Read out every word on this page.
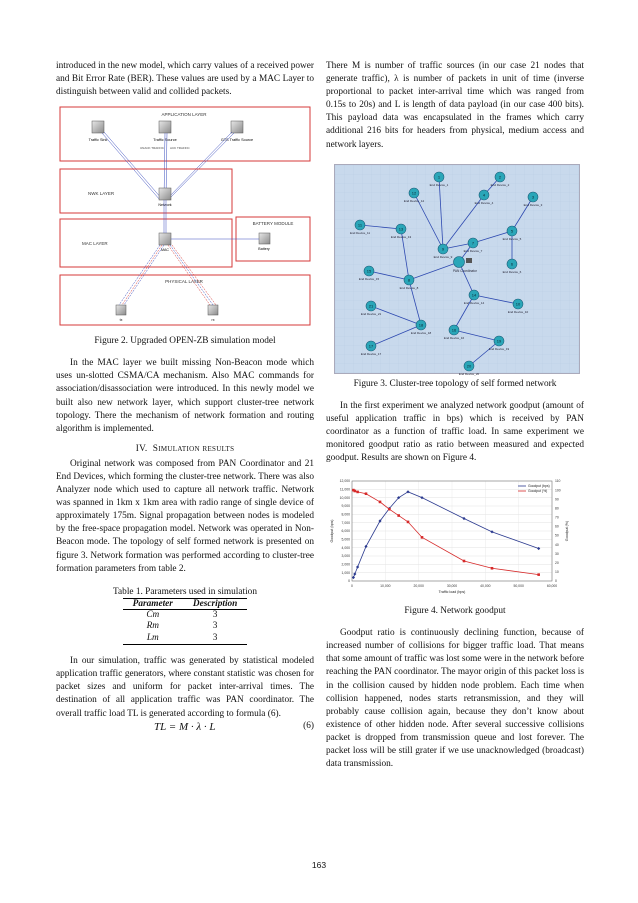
introduced in the new model, which carry values of a received power and Bit Error Rate (BER). These values are used by a MAC Layer to distinguish between valid and collided packets.

APPLICATION LAYER
Traffic Sink	Traffic Source	GTS Traffic Source
UNACK TRAFFIC ACK TRAFFIC
NWK LAYER
Network
BATTERY MODULE
Battery
MAC LAYER
MAC
PHYSICAL LAYER
tx	rx

Figure 2. Upgraded OPEN-ZB simulation model

In the MAC layer we built missing Non-Beacon mode which uses un-slotted CSMA/CA mechanism. Also MAC commands for association/disassociation were introduced. In this newly model we built also new network layer, which support cluster-tree network topology. There the mechanism of network formation and routing algorithm is implemented.

IV. Simulation results

Original network was composed from PAN Coordinator and 21 End Devices, which forming the cluster-tree network. There was also Analyzer node which used to capture all network traffic. Network was spanned in 1km x 1km area with radio range of single device of approximately 175m. Signal propagation between nodes is modeled by the free-space propagation model. Network was operated in Non-Beacon mode. The topology of self formed network is presented on figure 3. Network formation was performed according to cluster-tree formation parameters from table 2.

Table 1. Parameters used in simulation

Parameter	Description
Cm	3
Rm	3
Lm	3

In our simulation, traffic was generated by statistical modeled application traffic generators, where constant statistic was chosen for packet sizes and uniform for packet inter-arrival times. The destination of all application traffic was PAN coordinator. The overall traffic load TL is generated according to formula (6).

TL = M · λ · L	(6)

There M is number of traffic sources (in our case 21 nodes that generate traffic), λ is number of packets in unit of time (inverse proportional to packet inter-arrival time which was ranged from 0.15s to 20s) and L is length of data payload (in our case 400 bits). This payload data was encapsulated in the frames which carry additional 216 bits for headers from physical, medium access and network layers.

PAN Coordinator
1
End Device_1
2
End Device_2
3
End Device_3
4
End Device_4
5
End Device_5
6
End Device_6
7
End Device_7
8
End Device_8
9
End Device_9
10
End Device_10
11
End Device_11
12
End Device_12
13
End Device_13
14
End Device_14
15
End Device_15
16
End Device_16
17
End Device_17
18
End Device_18
19
End Device_19
20
End Device_20
21
End Device_21

Figure 3. Cluster-tree topology of self formed network

In the first experiment we analyzed network goodput (amount of useful application traffic in bps) which is received by PAN coordinator as a function of traffic load. In same experiment we monitored goodput ratio as ratio between measured and expected goodput. Results are shown on Figure 4.

Traffic load (bps)
Goodput (bps)	Goodput (%)
0
1,000
2,000
3,000
4,000
5,000
6,000
7,000
8,000
9,000
10,000
11,000
12,000
0
10
20
30
40
50
60
70
80
90
100
110
0	10,000	20,000	30,000	40,000	50,000	60,000
Goodput (bps)
Goodput (%)

Figure 4. Network goodput

Goodput ratio is continuously declining function, because of increased number of collisions for bigger traffic load. That means that some amount of traffic was lost some were in the network before reaching the PAN coordinator. The mayor origin of this packet loss is in the collision caused by hidden node problem. Each time when collision happened, nodes starts retransmission, and they will probably cause collision again, because they don’t know about existence of other hidden node. After several successive collisions packet is dropped from transmission queue and lost forever. The packet loss will be still grater if we use unacknowledged (broadcast) data transmission.

163
